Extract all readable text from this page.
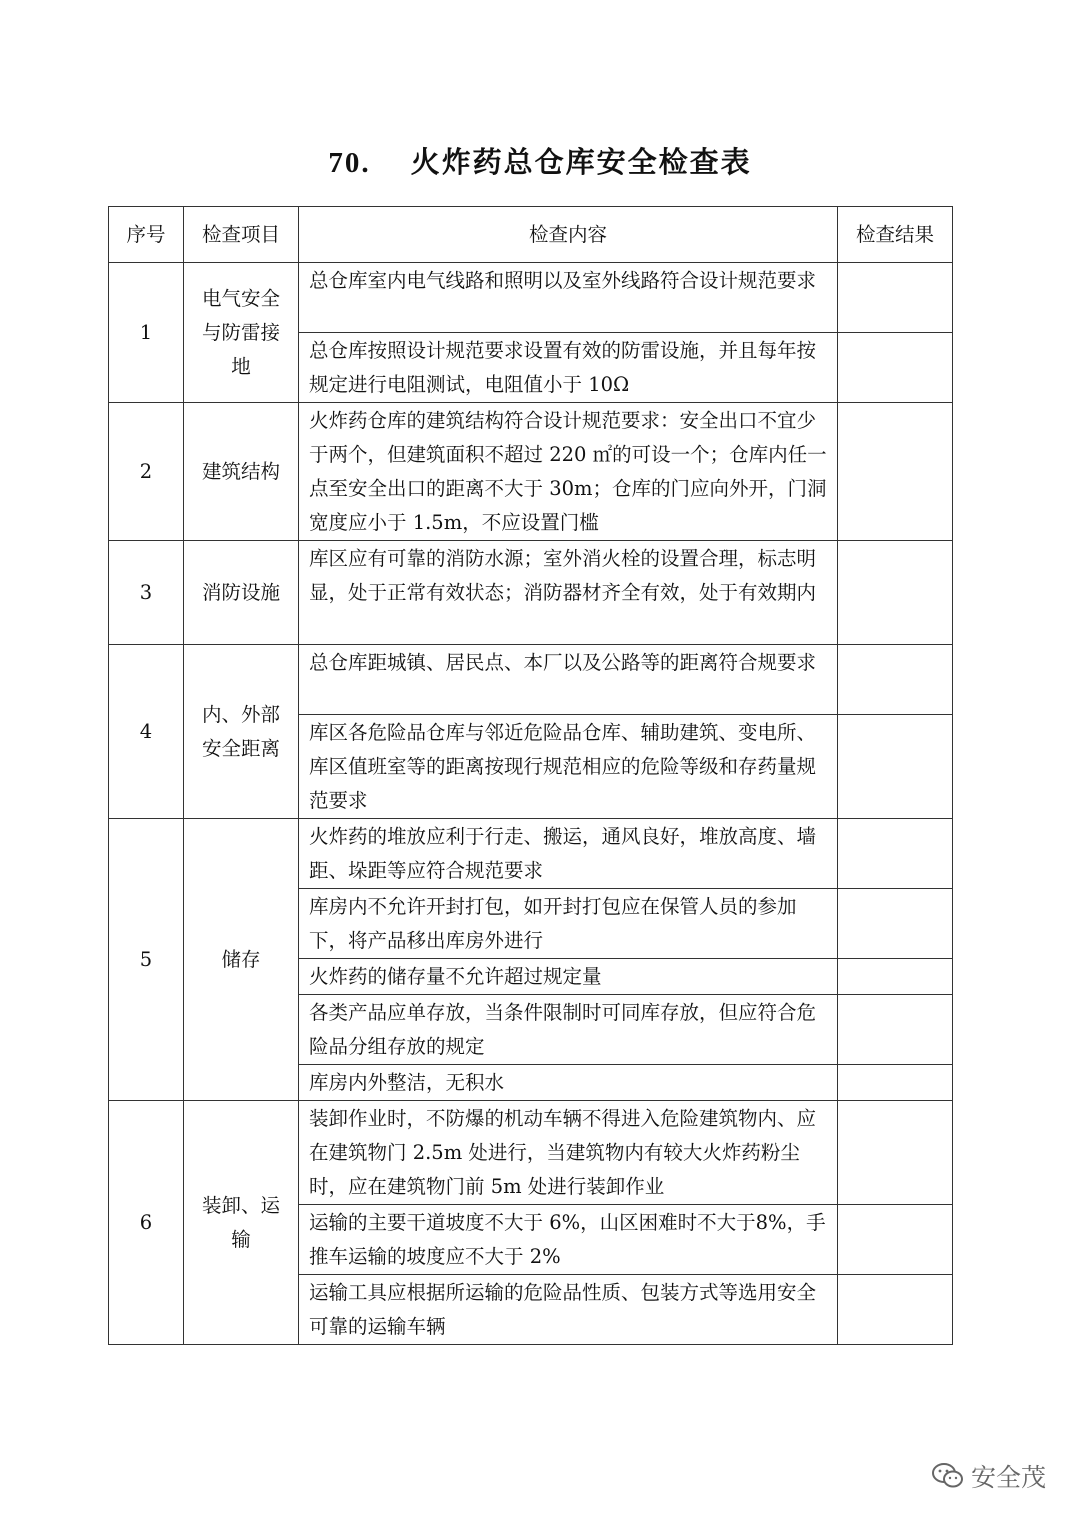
70. 火炸药总仓库安全检查表
序号	检查项目	检查内容	检查结果
1	电气安全与防雷接地	总仓库室内电气线路和照明以及室外线路符合设计规范要求	
		总仓库按照设计规范要求设置有效的防雷设施，并且每年按规定进行电阻测试，电阻值小于 10Ω	
2	建筑结构	火炸药仓库的建筑结构符合设计规范要求：安全出口不宜少于两个，但建筑面积不超过 220 ㎡的可设一个；仓库内任一点至安全出口的距离不大于 30m；仓库的门应向外开，门洞宽度应小于 1.5m，不应设置门槛	
3	消防设施	库区应有可靠的消防水源；室外消火栓的设置合理，标志明显，处于正常有效状态；消防器材齐全有效，处于有效期内	
4	内、外部安全距离	总仓库距城镇、居民点、本厂以及公路等的距离符合规要求	
		库区各危险品仓库与邻近危险品仓库、辅助建筑、变电所、库区值班室等的距离按现行规范相应的危险等级和存药量规范要求	
5	储存	火炸药的堆放应利于行走、搬运，通风良好，堆放高度、墙距、垛距等应符合规范要求	
		库房内不允许开封打包，如开封打包应在保管人员的参加下，将产品移出库房外进行	
		火炸药的储存量不允许超过规定量	
		各类产品应单存放，当条件限制时可同库存放，但应符合危险品分组存放的规定	
		库房内外整洁，无积水	
6	装卸、运输	装卸作业时，不防爆的机动车辆不得进入危险建筑物内、应在建筑物门 2.5m 处进行，当建筑物内有较大火炸药粉尘时，应在建筑物门前 5m 处进行装卸作业	
		运输的主要干道坡度不大于 6%，山区困难时不大于8%，手推车运输的坡度应不大于 2%	
		运输工具应根据所运输的危险品性质、包装方式等选用安全可靠的运输车辆	
安全茂
